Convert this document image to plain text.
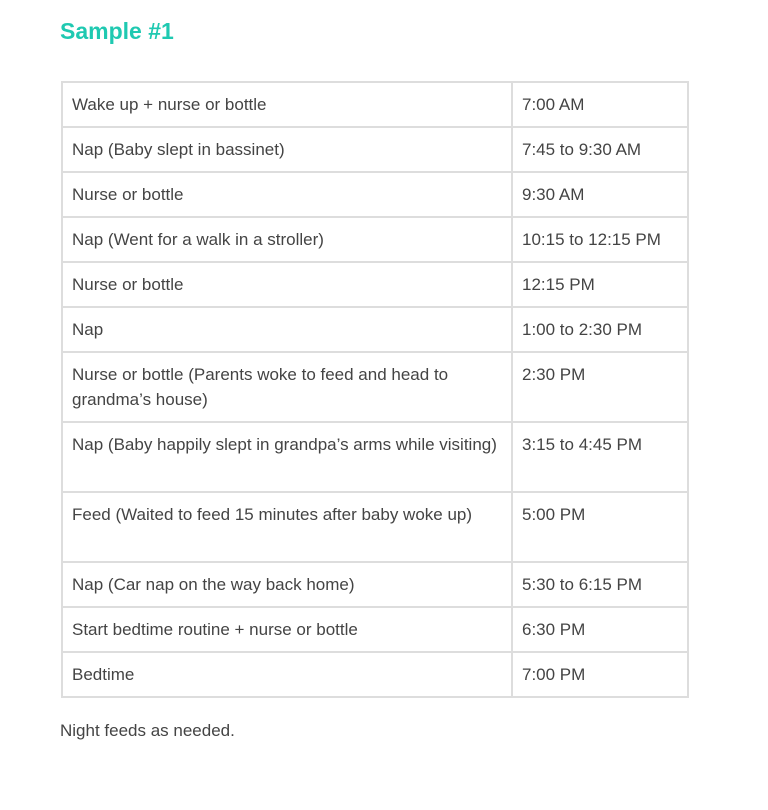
Sample #1
Wake up + nurse or bottle	7:00 AM
Nap (Baby slept in bassinet)	7:45 to 9:30 AM
Nurse or bottle	9:30 AM
Nap (Went for a walk in a stroller)	10:15 to 12:15 PM
Nurse or bottle	12:15 PM
Nap	1:00 to 2:30 PM
Nurse or bottle (Parents woke to feed and head to grandma’s house)	2:30 PM
Nap (Baby happily slept in grandpa’s arms while visiting)	3:15 to 4:45 PM
Feed (Waited to feed 15 minutes after baby woke up)	5:00 PM
Nap (Car nap on the way back home)	5:30 to 6:15 PM
Start bedtime routine + nurse or bottle	6:30 PM
Bedtime	7:00 PM

Night feeds as needed.
